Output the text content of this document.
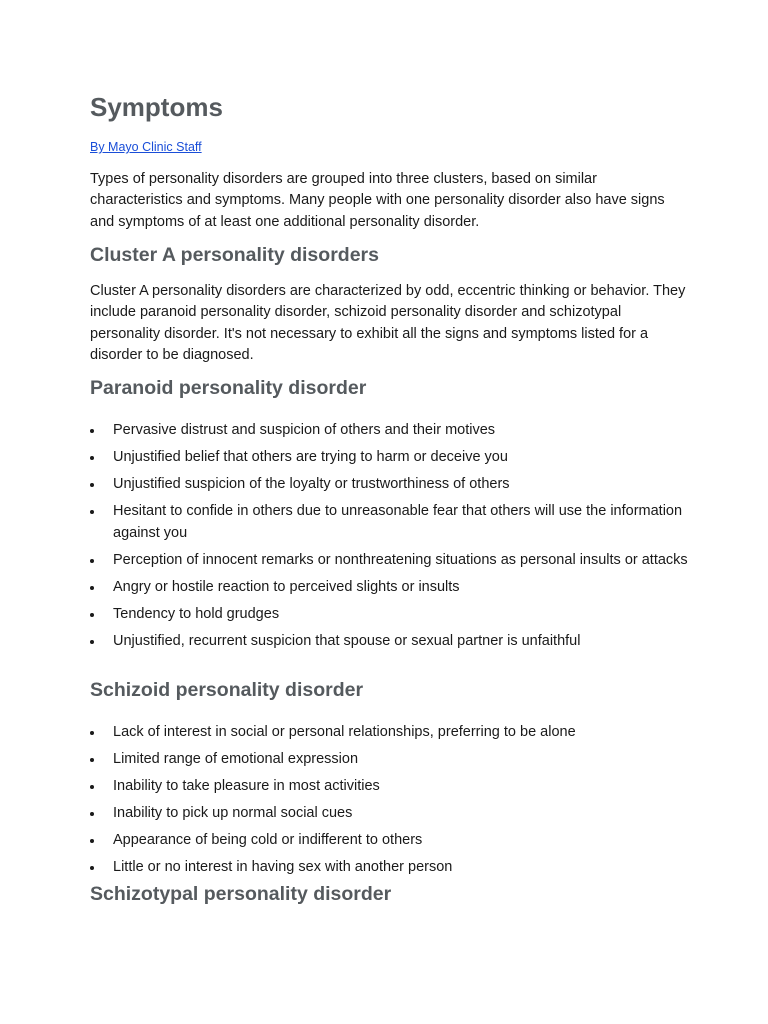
Symptoms
By Mayo Clinic Staff

Types of personality disorders are grouped into three clusters, based on similar characteristics and symptoms. Many people with one personality disorder also have signs and symptoms of at least one additional personality disorder.

Cluster A personality disorders

Cluster A personality disorders are characterized by odd, eccentric thinking or behavior. They include paranoid personality disorder, schizoid personality disorder and schizotypal personality disorder. It's not necessary to exhibit all the signs and symptoms listed for a disorder to be diagnosed.

Paranoid personality disorder
Pervasive distrust and suspicion of others and their motives
Unjustified belief that others are trying to harm or deceive you
Unjustified suspicion of the loyalty or trustworthiness of others
Hesitant to confide in others due to unreasonable fear that others will use the information against you
Perception of innocent remarks or nonthreatening situations as personal insults or attacks
Angry or hostile reaction to perceived slights or insults
Tendency to hold grudges
Unjustified, recurrent suspicion that spouse or sexual partner is unfaithful
Schizoid personality disorder
Lack of interest in social or personal relationships, preferring to be alone
Limited range of emotional expression
Inability to take pleasure in most activities
Inability to pick up normal social cues
Appearance of being cold or indifferent to others
Little or no interest in having sex with another person
Schizotypal personality disorder
